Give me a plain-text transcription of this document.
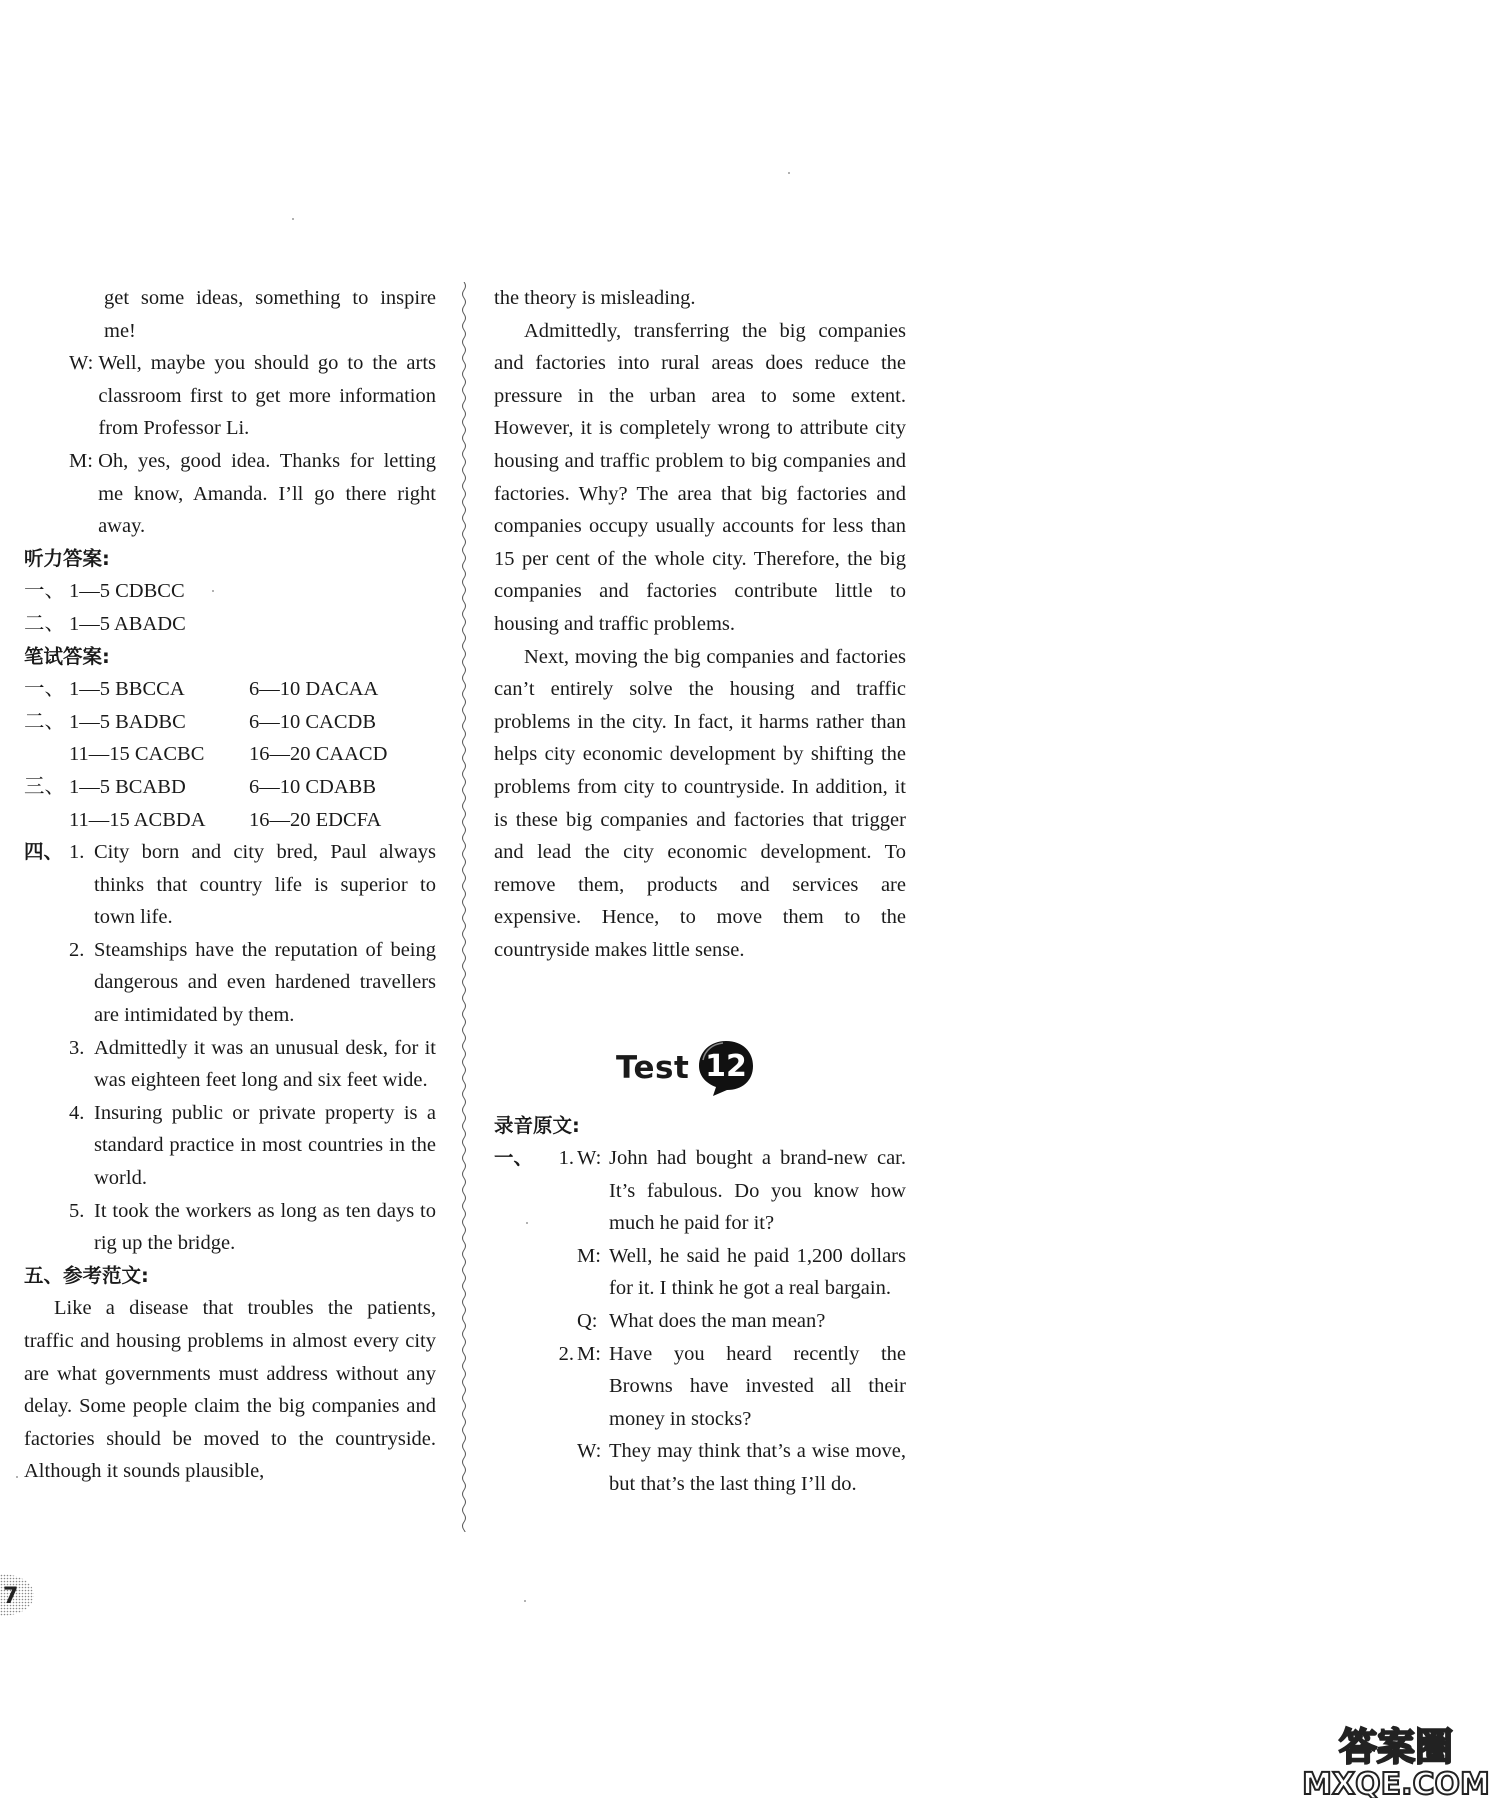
get some ideas, something to inspire me!
W: Well, maybe you should go to the arts classroom first to get more information from Professor Li.
M: Oh, yes, good idea. Thanks for letting me know, Amanda. I’ll go there right away.
听力答案:
一、 1—5 CDBCC
二、 1—5 ABADC
笔试答案:
一、 1—5 BBCCA	6—10 DACAA
二、 1—5 BADBC	6—10 CACDB
11—15 CACBC	16—20 CAACD
三、 1—5 BCABD	6—10 CDABB
11—15 ACBDA	16—20 EDCFA
四、 1. City born and city bred, Paul always thinks that country life is superior to town life.
2. Steamships have the reputation of being dangerous and even hardened travellers are intimidated by them.
3. Admittedly it was an unusual desk, for it was eighteen feet long and six feet wide.
4. Insuring public or private property is a standard practice in most countries in the world.
5. It took the workers as long as ten days to rig up the bridge.
五、参考范文:

Like a disease that troubles the patients, traffic and housing problems in almost every city are what governments must address without any delay. Some people claim the big companies and factories should be moved to the countryside. Although it sounds plausible,

the theory is misleading.

Admittedly, transferring the big companies and factories into rural areas does reduce the pressure in the urban area to some extent. However, it is completely wrong to attribute city housing and traffic problem to big companies and factories. Why? The area that big factories and companies occupy usually accounts for less than 15 per cent of the whole city. Therefore, the big companies and factories contribute little to housing and traffic problems.

Next, moving the big companies and factories can’t entirely solve the housing and traffic problems in the city. In fact, it harms rather than helps city economic development by shifting the problems from city to countryside. In addition, it is these big companies and factories that trigger and lead the city economic development. To remove them, products and services are expensive. Hence, to move them to the countryside makes little sense.

Test 12
录音原文:
一、	1. W: John had bought a brand-new car. It’s fabulous. Do you know how much he paid for it?
M: Well, he said he paid 1,200 dollars for it. I think he got a real bargain.
Q: What does the man mean?
2. M: Have you heard recently the Browns have invested all their money in stocks?
W: They may think that’s a wise move, but that’s the last thing I’ll do.
7
答案圈
MXQE.COM
